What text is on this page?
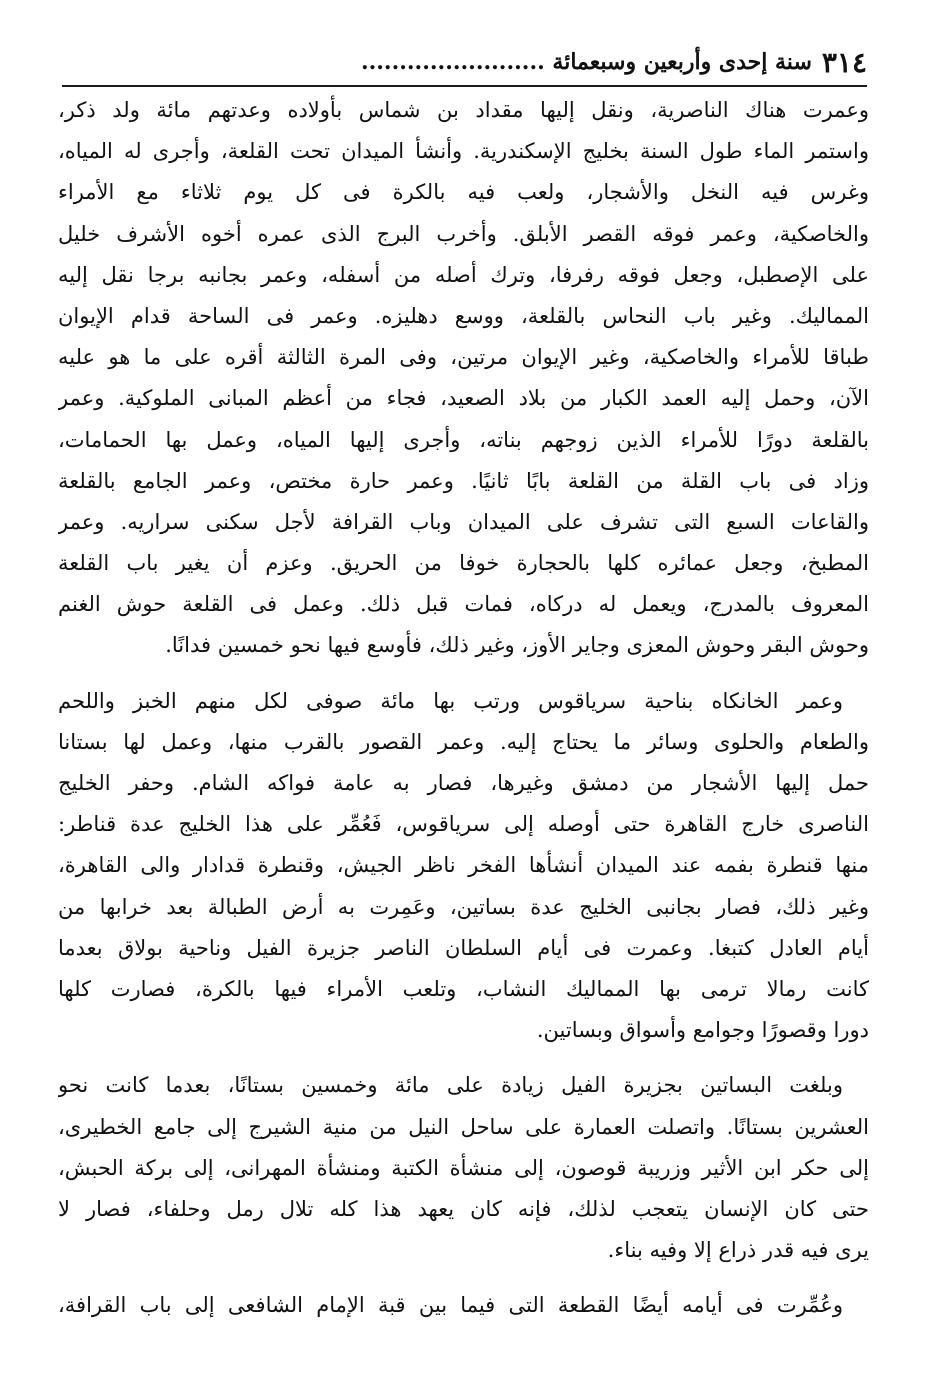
٣١٤
سنة إحدى وأربعين وسبعمائة ........................
وعمرت هناك الناصرية، ونقل إليها مقداد بن شماس بأولاده وعدتهم مائة ولد ذكر،
واستمر الماء طول السنة بخليج الإسكندرية. وأنشأ الميدان تحت القلعة، وأجرى له المياه،
وغرس فيه النخل والأشجار، ولعب فيه بالكرة فى كل يوم ثلاثاء مع الأمراء
والخاصكية، وعمر فوقه القصر الأبلق. وأخرب البرج الذى عمره أخوه الأشرف خليل
على الإصطبل، وجعل فوقه رفرفا، وترك أصله من أسفله، وعمر بجانبه برجا نقل إليه
المماليك. وغير باب النحاس بالقلعة، ووسع دهليزه. وعمر فى الساحة قدام الإيوان
طباقا للأمراء والخاصكية، وغير الإيوان مرتين، وفى المرة الثالثة أقره على ما هو عليه
الآن، وحمل إليه العمد الكبار من بلاد الصعيد، فجاء من أعظم المبانى الملوكية. وعمر
بالقلعة دورًا للأمراء الذين زوجهم بناته، وأجرى إليها المياه، وعمل بها الحمامات،
وزاد فى باب القلة من القلعة بابًا ثانيًا. وعمر حارة مختص، وعمر الجامع بالقلعة
والقاعات السبع التى تشرف على الميدان وباب القرافة لأجل سكنى سراريه. وعمر
المطبخ، وجعل عمائره كلها بالحجارة خوفا من الحريق. وعزم أن يغير باب القلعة
المعروف بالمدرج، ويعمل له دركاه، فمات قبل ذلك. وعمل فى القلعة حوش الغنم
وحوش البقر وحوش المعزى وجاير الأوز، وغير ذلك، فأوسع فيها نحو خمسين فدانًا.
وعمر الخانكاه بناحية سرياقوس ورتب بها مائة صوفى لكل منهم الخبز واللحم
والطعام والحلوى وسائر ما يحتاج إليه. وعمر القصور بالقرب منها، وعمل لها بستانا
حمل إليها الأشجار من دمشق وغيرها، فصار به عامة فواكه الشام. وحفر الخليج
الناصرى خارج القاهرة حتى أوصله إلى سرياقوس، فَعُمِّر على هذا الخليج عدة قناطر:
منها قنطرة بفمه عند الميدان أنشأها الفخر ناظر الجيش، وقنطرة قدادار والى القاهرة،
وغير ذلك، فصار بجانبى الخليج عدة بساتين، وعَمِرت به أرض الطبالة بعد خرابها من
أيام العادل كتبغا. وعمرت فى أيام السلطان الناصر جزيرة الفيل وناحية بولاق بعدما
كانت رمالا ترمى بها المماليك النشاب، وتلعب الأمراء فيها بالكرة، فصارت كلها
دورا وقصورًا وجوامع وأسواق وبساتين.
وبلغت البساتين بجزيرة الفيل زيادة على مائة وخمسين بستانًا، بعدما كانت نحو
العشرين بستانًا. واتصلت العمارة على ساحل النيل من منية الشيرج إلى جامع الخطيرى،
إلى حكر ابن الأثير وزريبة قوصون، إلى منشأة الكتبة ومنشأة المهرانى، إلى بركة الحبش،
حتى كان الإنسان يتعجب لذلك، فإنه كان يعهد هذا كله تلال رمل وحلفاء، فصار لا
يرى فيه قدر ذراع إلا وفيه بناء.
وعُمِّرت فى أيامه أيضًا القطعة التى فيما بين قبة الإمام الشافعى إلى باب القرافة،
